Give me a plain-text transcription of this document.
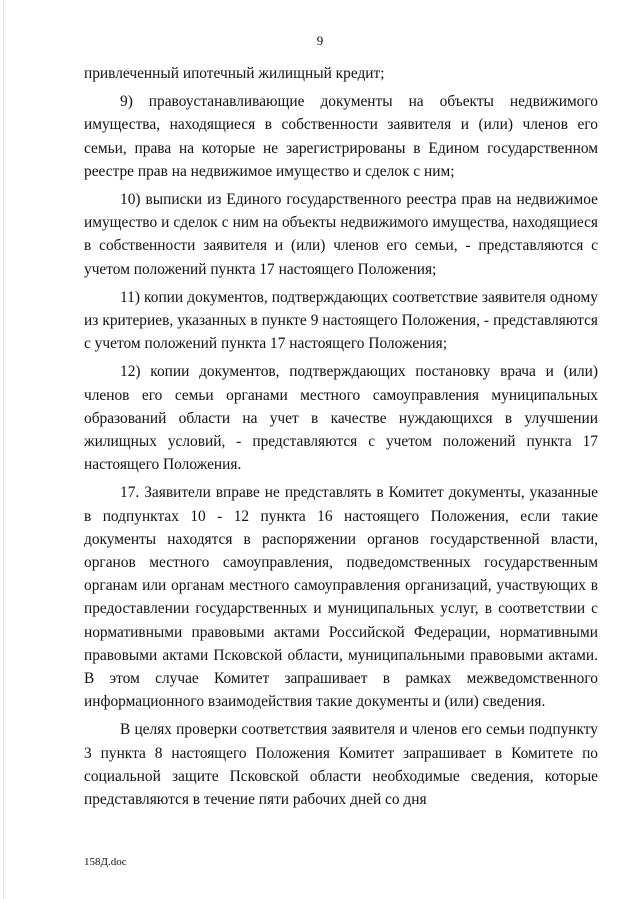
9

привлеченный ипотечный жилищный кредит;

9) правоустанавливающие документы на объекты недвижимого имущества, находящиеся в собственности заявителя и (или) членов его семьи, права на которые не зарегистрированы в Едином государственном реестре прав на недвижимое имущество и сделок с ним;

10) выписки из Единого государственного реестра прав на недвижимое имущество и сделок с ним на объекты недвижимого имущества, находящиеся в собственности заявителя и (или) членов его семьи, - представляются с учетом положений пункта 17 настоящего Положения;

11) копии документов, подтверждающих соответствие заявителя одному из критериев, указанных в пункте 9 настоящего Положения, - представляются с учетом положений пункта 17 настоящего Положения;

12) копии документов, подтверждающих постановку врача и (или) членов его семьи органами местного самоуправления муниципальных образований области на учет в качестве нуждающихся в улучшении жилищных условий, - представляются с учетом положений пункта 17 настоящего Положения.

17. Заявители вправе не представлять в Комитет документы, указанные в подпунктах 10 - 12 пункта 16 настоящего Положения, если такие документы находятся в распоряжении органов государственной власти, органов местного самоуправления, подведомственных государственным органам или органам местного самоуправления организаций, участвующих в предоставлении государственных и муниципальных услуг, в соответствии с нормативными правовыми актами Российской Федерации, нормативными правовыми актами Псковской области, муниципальными правовыми актами. В этом случае Комитет запрашивает в рамках межведомственного информационного взаимодействия такие документы и (или) сведения.

В целях проверки соответствия заявителя и членов его семьи подпункту 3 пункта 8 настоящего Положения Комитет запрашивает в Комитете по социальной защите Псковской области необходимые сведения, которые представляются в течение пяти рабочих дней со дня

158Д.doc
